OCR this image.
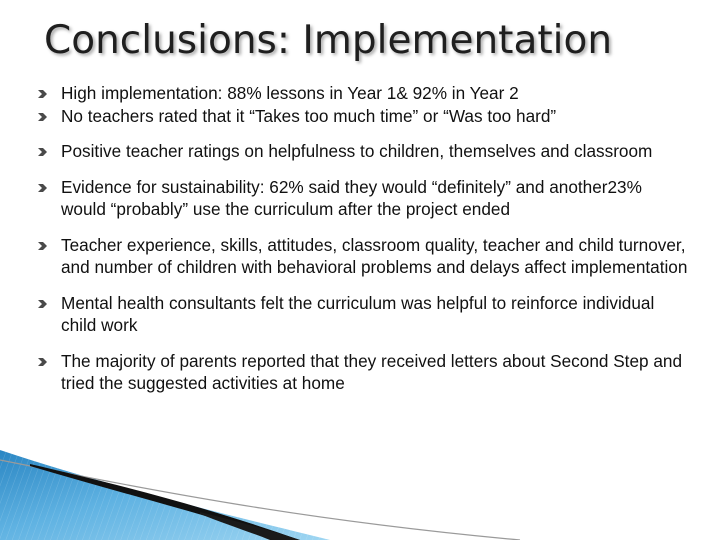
Conclusions: Implementation
High implementation: 88% lessons in Year 1& 92% in Year 2
No teachers rated that it “Takes too much time” or “Was too hard”
Positive teacher ratings on helpfulness to children, themselves and classroom
Evidence for sustainability: 62% said they would “definitely” and another23% would “probably” use the curriculum after the project ended
Teacher experience, skills, attitudes, classroom quality, teacher and child turnover, and number of children with behavioral problems and delays affect implementation
Mental health consultants felt the curriculum was helpful to reinforce individual child work
The majority of parents reported that they received letters about Second Step and tried the suggested activities at home
